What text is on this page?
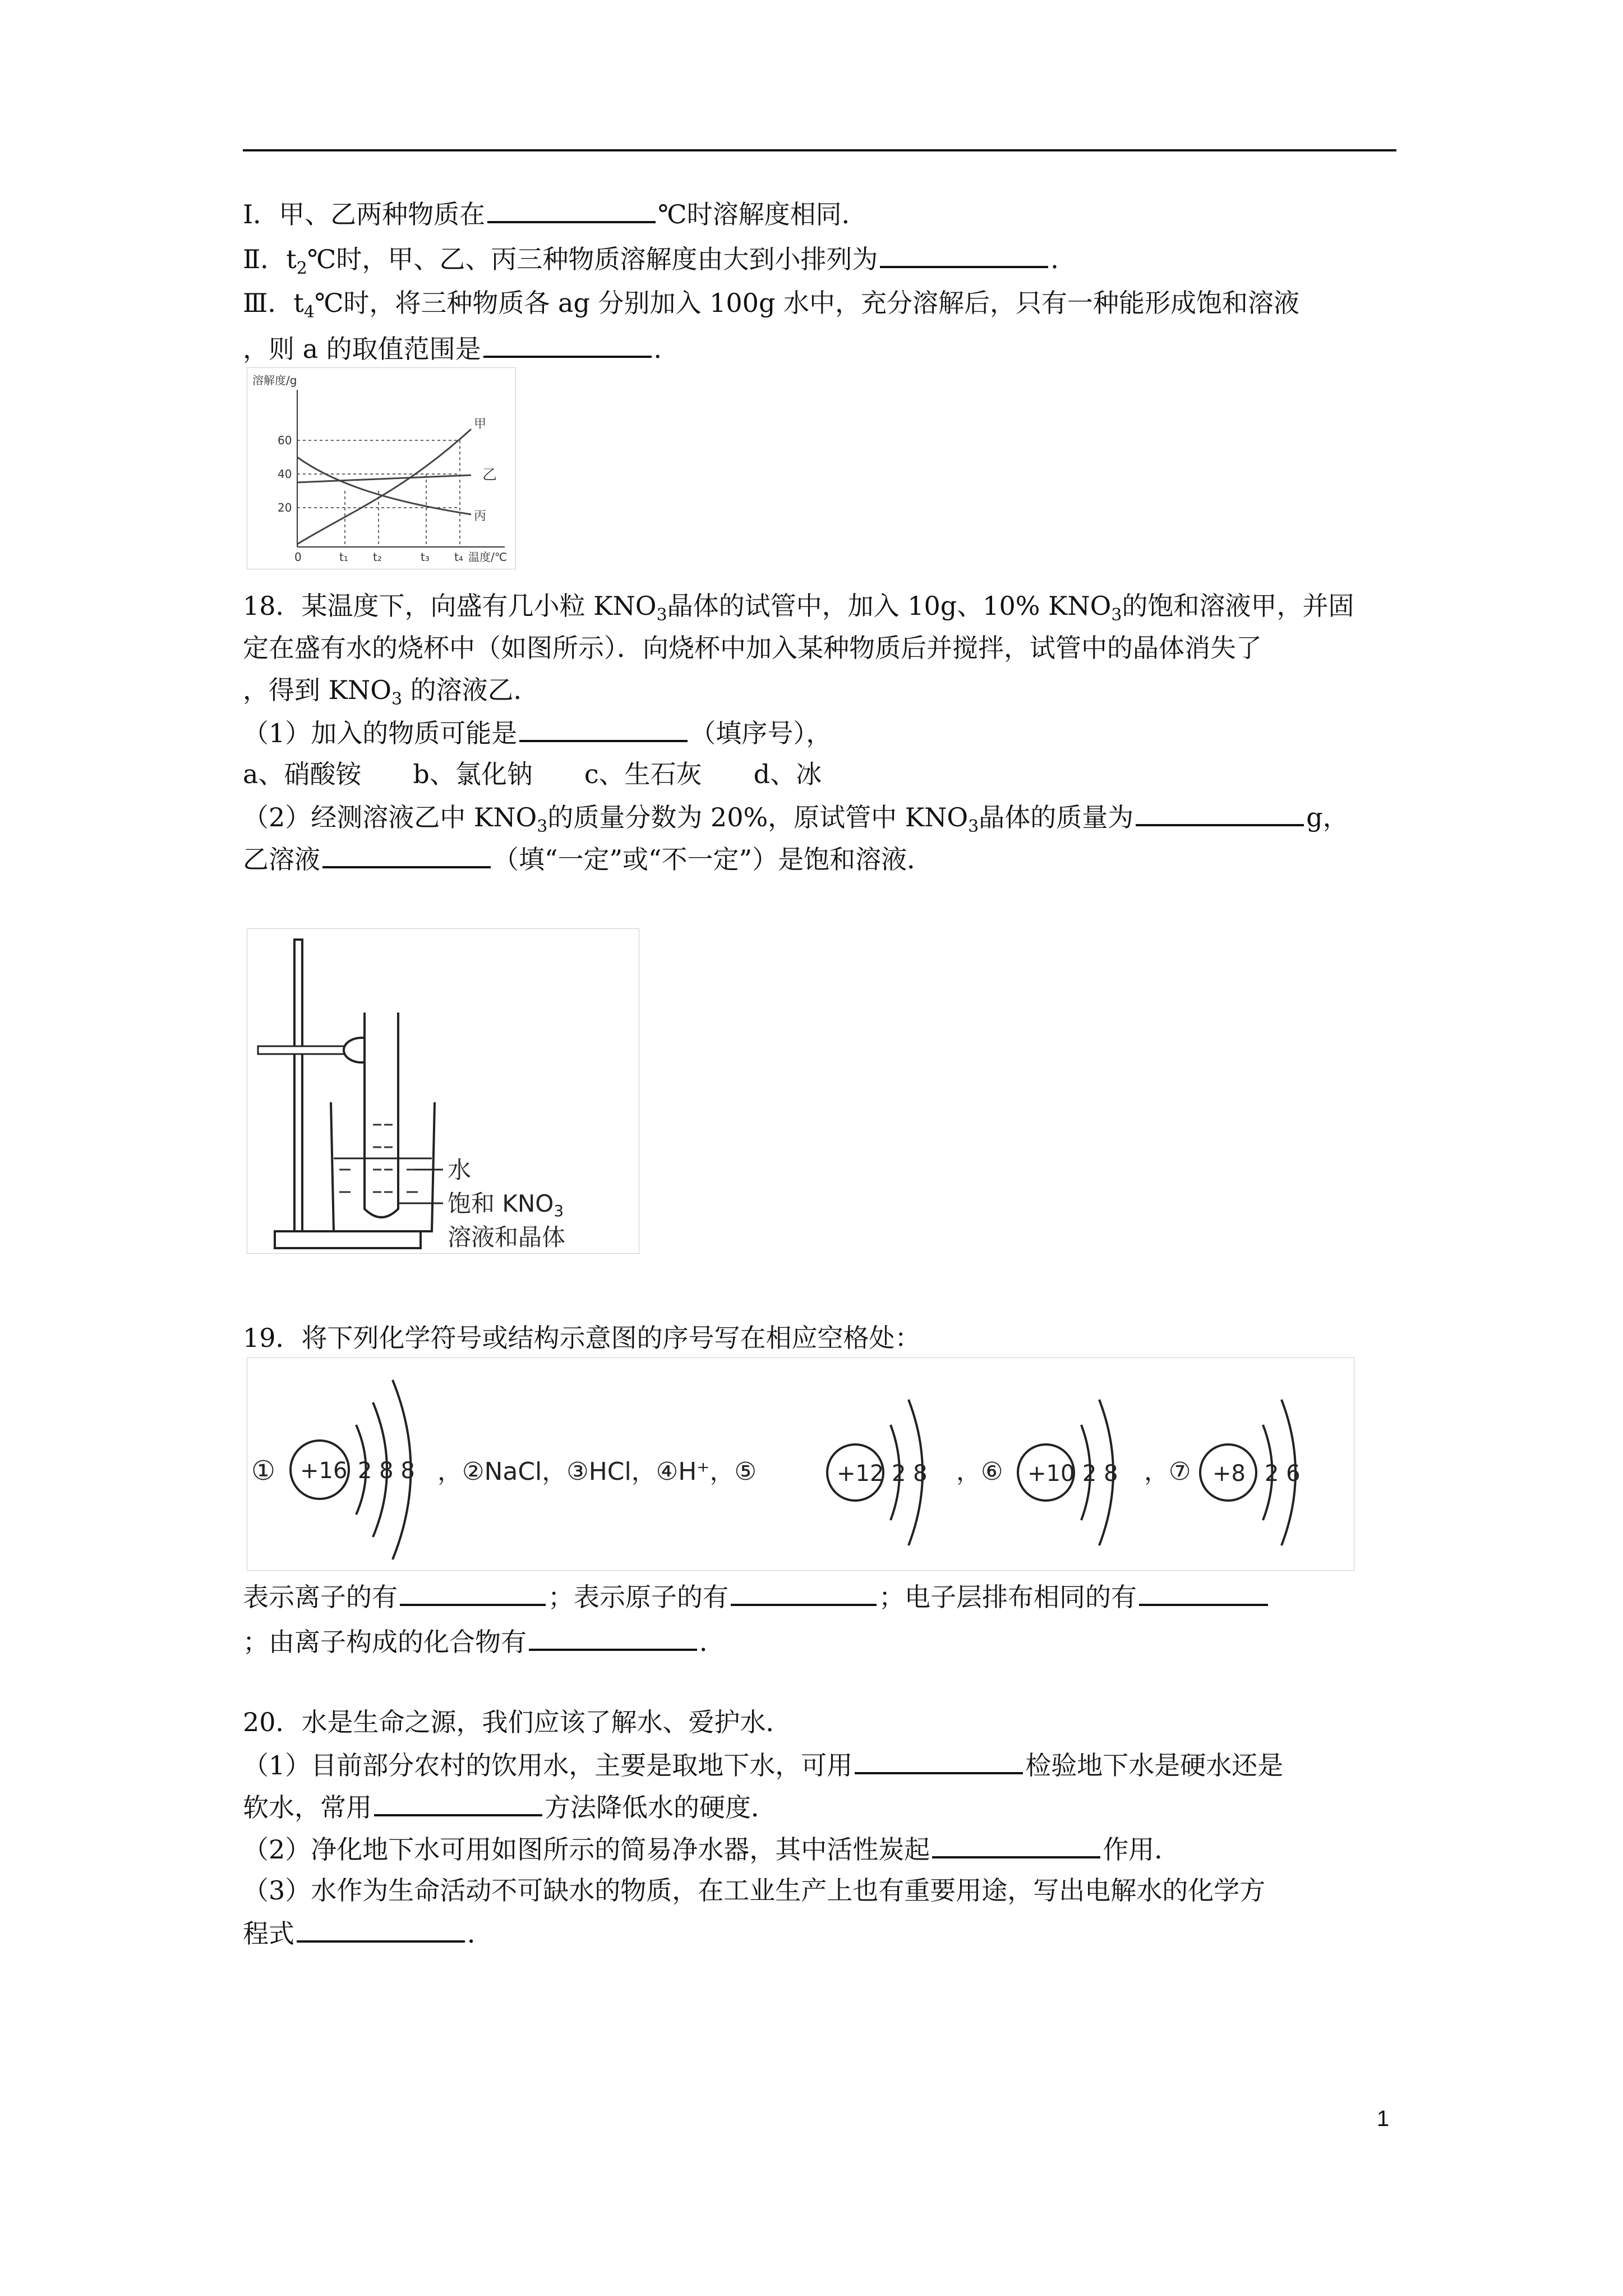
Ⅰ．甲、乙两种物质在	℃时溶解度相同．
Ⅱ．$t_2℃$时，甲、乙、丙三种物质溶解度由大到小排列为	．
Ⅲ．$t_4℃$时，将三种物质各 ag 分别加入 100g 水中，充分溶解后，只有一种能形成饱和溶液
，则 a 的取值范围是	．
溶解度/g
60
40
20
0	t₁ t₂	t₃ t₄ 温度/℃
甲
乙
丙
18．某温度下，向盛有几小粒 $KNO_3$晶体的试管中，加入 10g、10% $KNO_3$的饱和溶液甲，并固
定在盛有水的烧杯中（如图所示）．向烧杯中加入某种物质后并搅拌，试管中的晶体消失了
，得到 $KNO_3$ 的溶液乙．
（1）加入的物质可能是	（填序号），
a、硝酸铵　　b、氯化钠　　c、生石灰　　d、冰
（2）经测溶液乙中 $KNO_3$的质量分数为 20%，原试管中 $KNO_3$晶体的质量为	g，
乙溶液	（填“一定”或“不一定”）是饱和溶液．
水
饱和 KNO3
溶液和晶体
19．将下列化学符号或结构示意图的序号写在相应空格处：
① +16 2 8 8 ，②NaCl，③HCl，④H⁺，⑤	+12 2 8 ，⑥ +10 2 8 ，⑦ +8 2 6
表示离子的有	；表示原子的有	；电子层排布相同的有
；由离子构成的化合物有	．
20．水是生命之源，我们应该了解水、爱护水．
（1）目前部分农村的饮用水，主要是取地下水，可用	检验地下水是硬水还是
软水，常用	方法降低水的硬度．
（2）净化地下水可用如图所示的简易净水器，其中活性炭起	作用．
（3）水作为生命活动不可缺水的物质，在工业生产上也有重要用途，写出电解水的化学方
程式	．
1
